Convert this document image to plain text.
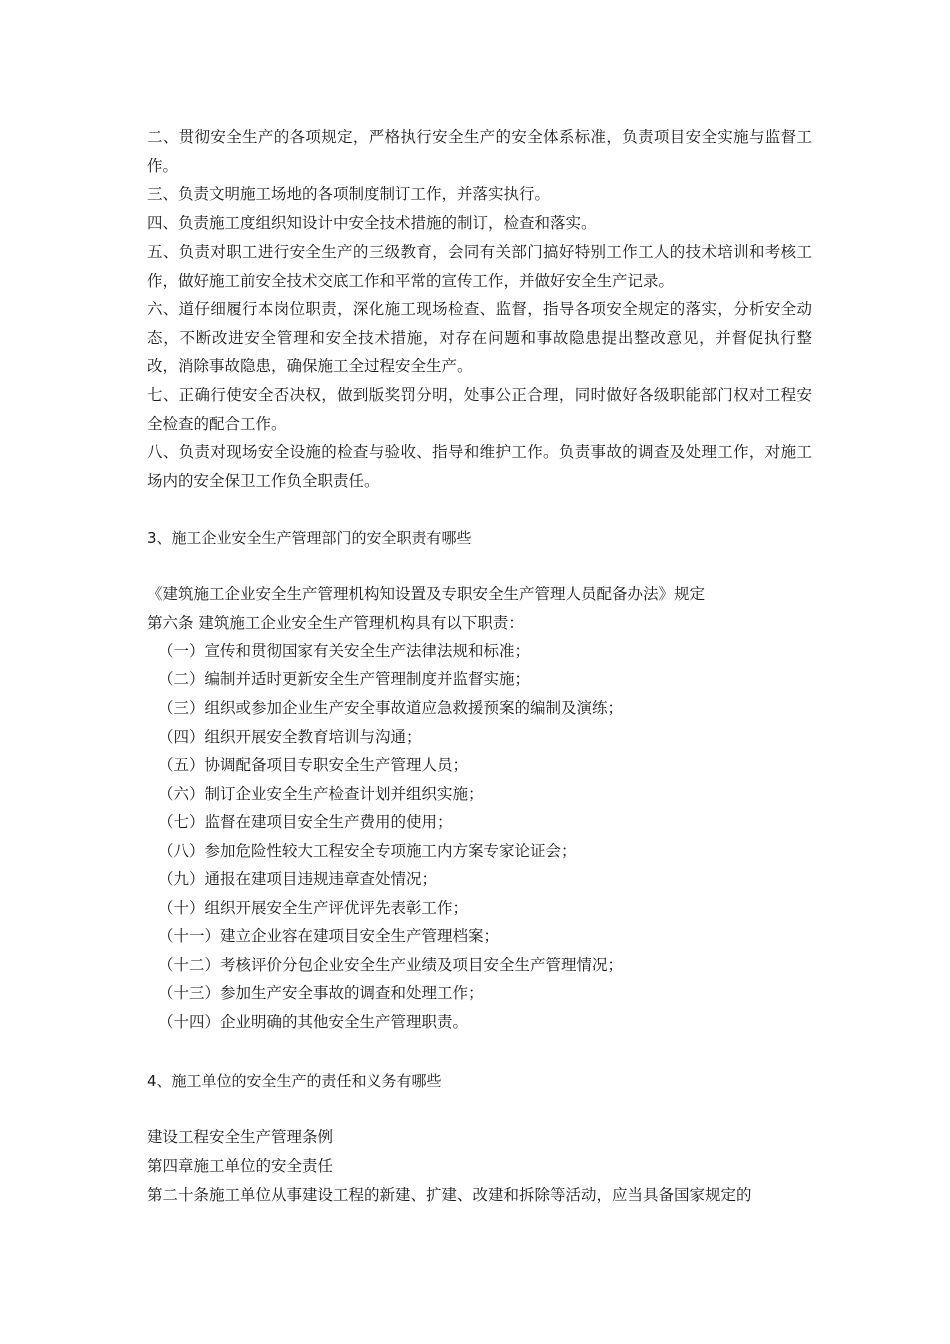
二、贯彻安全生产的各项规定，严格执行安全生产的安全体系标准，负责项目安全实施与监督工作。

三、负责文明施工场地的各项制度制订工作，并落实执行。

四、负责施工度组织知设计中安全技术措施的制订，检查和落实。

五、负责对职工进行安全生产的三级教育，会同有关部门搞好特别工作工人的技术培训和考核工作，做好施工前安全技术交底工作和平常的宣传工作，并做好安全生产记录。

六、道仔细履行本岗位职责，深化施工现场检查、监督，指导各项安全规定的落实，分析安全动态，不断改进安全管理和安全技术措施，对存在问题和事故隐患提出整改意见，并督促执行整改，消除事故隐患，确保施工全过程安全生产。

七、正确行使安全否决权，做到版奖罚分明，处事公正合理，同时做好各级职能部门权对工程安全检查的配合工作。

八、负责对现场安全设施的检查与验收、指导和维护工作。负责事故的调查及处理工作，对施工场内的安全保卫工作负全职责任。

3、施工企业安全生产管理部门的安全职责有哪些

《建筑施工企业安全生产管理机构知设置及专职安全生产管理人员配备办法》规定

第六条 建筑施工企业安全生产管理机构具有以下职责：

（一）宣传和贯彻国家有关安全生产法律法规和标准；

（二）编制并适时更新安全生产管理制度并监督实施；

（三）组织或参加企业生产安全事故道应急救援预案的编制及演练；

（四）组织开展安全教育培训与沟通；

（五）协调配备项目专职安全生产管理人员；

（六）制订企业安全生产检查计划并组织实施；

（七）监督在建项目安全生产费用的使用；

（八）参加危险性较大工程安全专项施工内方案专家论证会；

（九）通报在建项目违规违章查处情况；

（十）组织开展安全生产评优评先表彰工作；

（十一）建立企业容在建项目安全生产管理档案；

（十二）考核评价分包企业安全生产业绩及项目安全生产管理情况；

（十三）参加生产安全事故的调查和处理工作；

（十四）企业明确的其他安全生产管理职责。

4、施工单位的安全生产的责任和义务有哪些

建设工程安全生产管理条例

第四章施工单位的安全责任

第二十条施工单位从事建设工程的新建、扩建、改建和拆除等活动，应当具备国家规定的
